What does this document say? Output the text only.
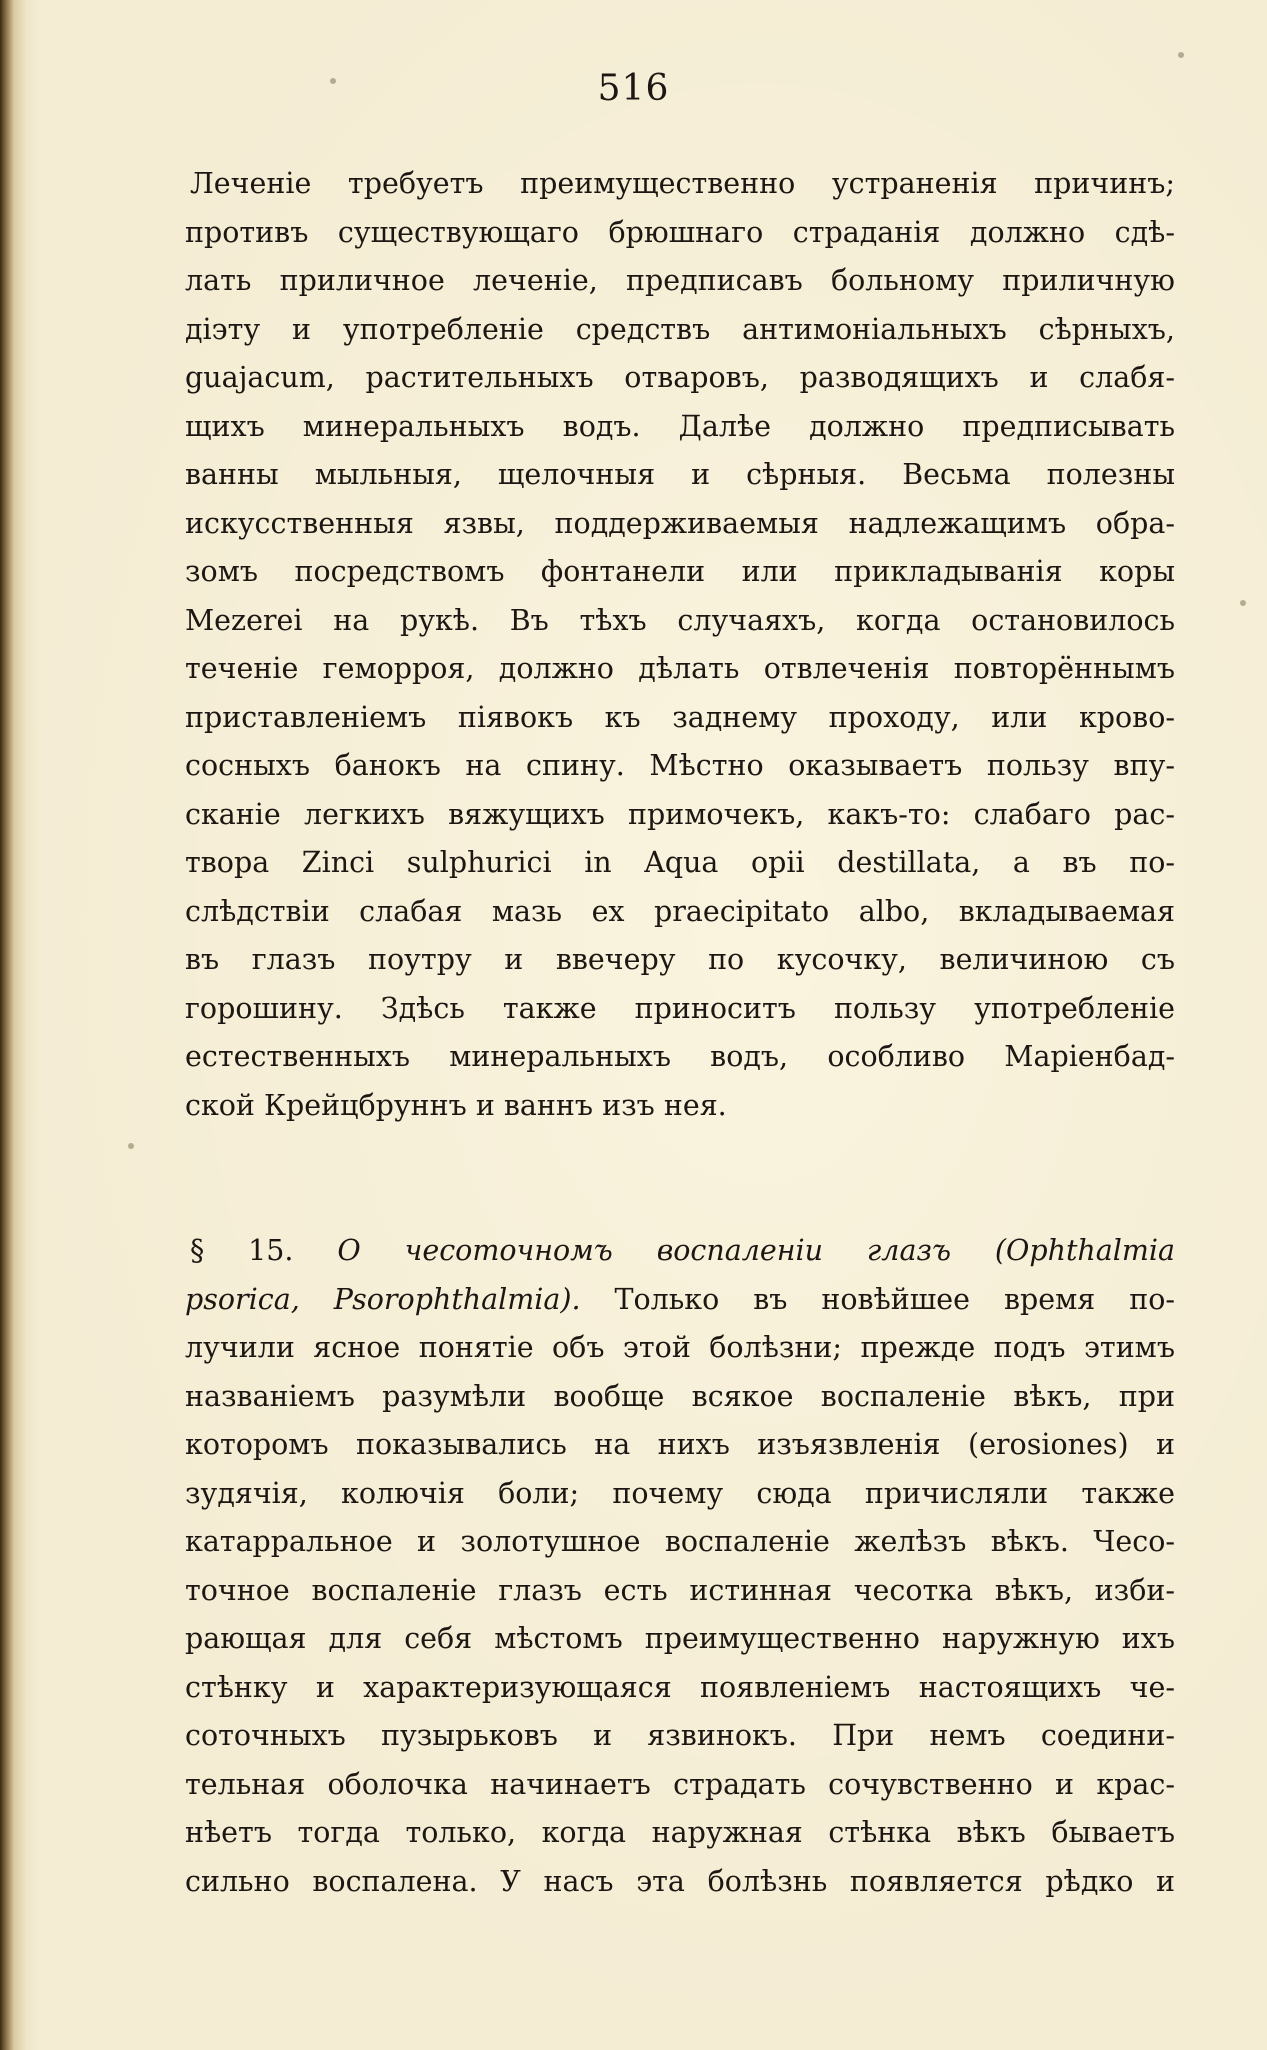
516
Леченіе требуетъ преимущественно устраненія причинъ;
противъ существующаго брюшнаго страданія должно сдѣ-
лать приличное леченіе, предписавъ больному приличную
діэту и употребленіе средствъ антимоніальныхъ сѣрныхъ,
guajacum, растительныхъ отваровъ, разводящихъ и слабя-
щихъ минеральныхъ водъ. Далѣе должно предписывать
ванны мыльныя, щелочныя и сѣрныя. Весьма полезны
искусственныя язвы, поддерживаемыя надлежащимъ обра-
зомъ посредствомъ фонтанели или прикладыванія коры
Mezerei на рукѣ. Въ тѣхъ случаяхъ, когда остановилось
теченіе геморроя, должно дѣлать отвлеченія повторённымъ
приставленіемъ піявокъ къ заднему проходу, или крово-
сосныхъ банокъ на спину. Мѣстно оказываетъ пользу впу-
сканіе легкихъ вяжущихъ примочекъ, какъ-то: слабаго рас-
твора Zinci sulphurici in Aqua opii destillata, а въ по-
слѣдствіи слабая мазь ex praecipitato albo, вкладываемая
въ глазъ поутру и ввечеру по кусочку, величиною съ
горошину. Здѣсь также приноситъ пользу употребленіе
естественныхъ минеральныхъ водъ, особливо Маріенбад-
ской Крейцбруннъ и ваннъ изъ нея.
§ 15. О чесоточномъ воспаленіи глазъ (Ophthalmia
psorica, Psorophthalmia). Только въ новѣйшее время по-
лучили ясное понятіе объ этой болѣзни; прежде подъ этимъ
названіемъ разумѣли вообще всякое воспаленіе вѣкъ, при
которомъ показывались на нихъ изъязвленія (erosiones) и
зудячія, колючія боли; почему сюда причисляли также
катарральное и золотушное воспаленіе желѣзъ вѣкъ. Чесо-
точное воспаленіе глазъ есть истинная чесотка вѣкъ, изби-
рающая для себя мѣстомъ преимущественно наружную ихъ
стѣнку и характеризующаяся появленіемъ настоящихъ че-
соточныхъ пузырьковъ и язвинокъ. При немъ соедини-
тельная оболочка начинаетъ страдать сочувственно и крас-
нѣетъ тогда только, когда наружная стѣнка вѣкъ бываетъ
сильно воспалена. У насъ эта болѣзнь появляется рѣдко и
